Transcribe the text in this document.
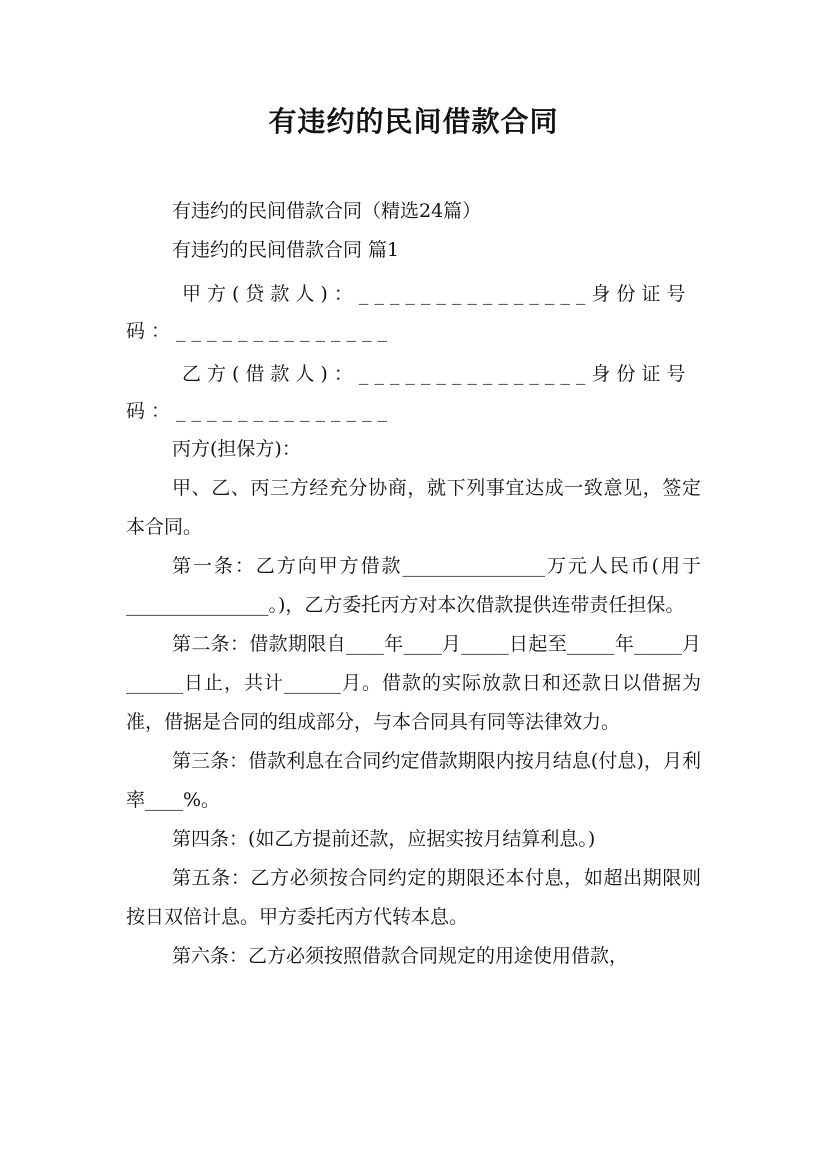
有违约的民间借款合同

有违约的民间借款合同（精选24篇）

有违约的民间借款合同 篇1

甲方(贷款人)：_______________身份证号码：______________

乙方(借款人)：_______________身份证号码：______________

丙方(担保方)：

甲、乙、丙三方经充分协商，就下列事宜达成一致意见，签定本合同。

第一条：乙方向甲方借款_______________万元人民币(用于_______________。)，乙方委托丙方对本次借款提供连带责任担保。

第二条：借款期限自____年____月_____日起至_____年_____月______日止，共计______月。借款的实际放款日和还款日以借据为准，借据是合同的组成部分，与本合同具有同等法律效力。

第三条：借款利息在合同约定借款期限内按月结息(付息)，月利率____%。

第四条：(如乙方提前还款，应据实按月结算利息。)

第五条：乙方必须按合同约定的期限还本付息，如超出期限则按日双倍计息。甲方委托丙方代转本息。

第六条：乙方必须按照借款合同规定的用途使用借款，
